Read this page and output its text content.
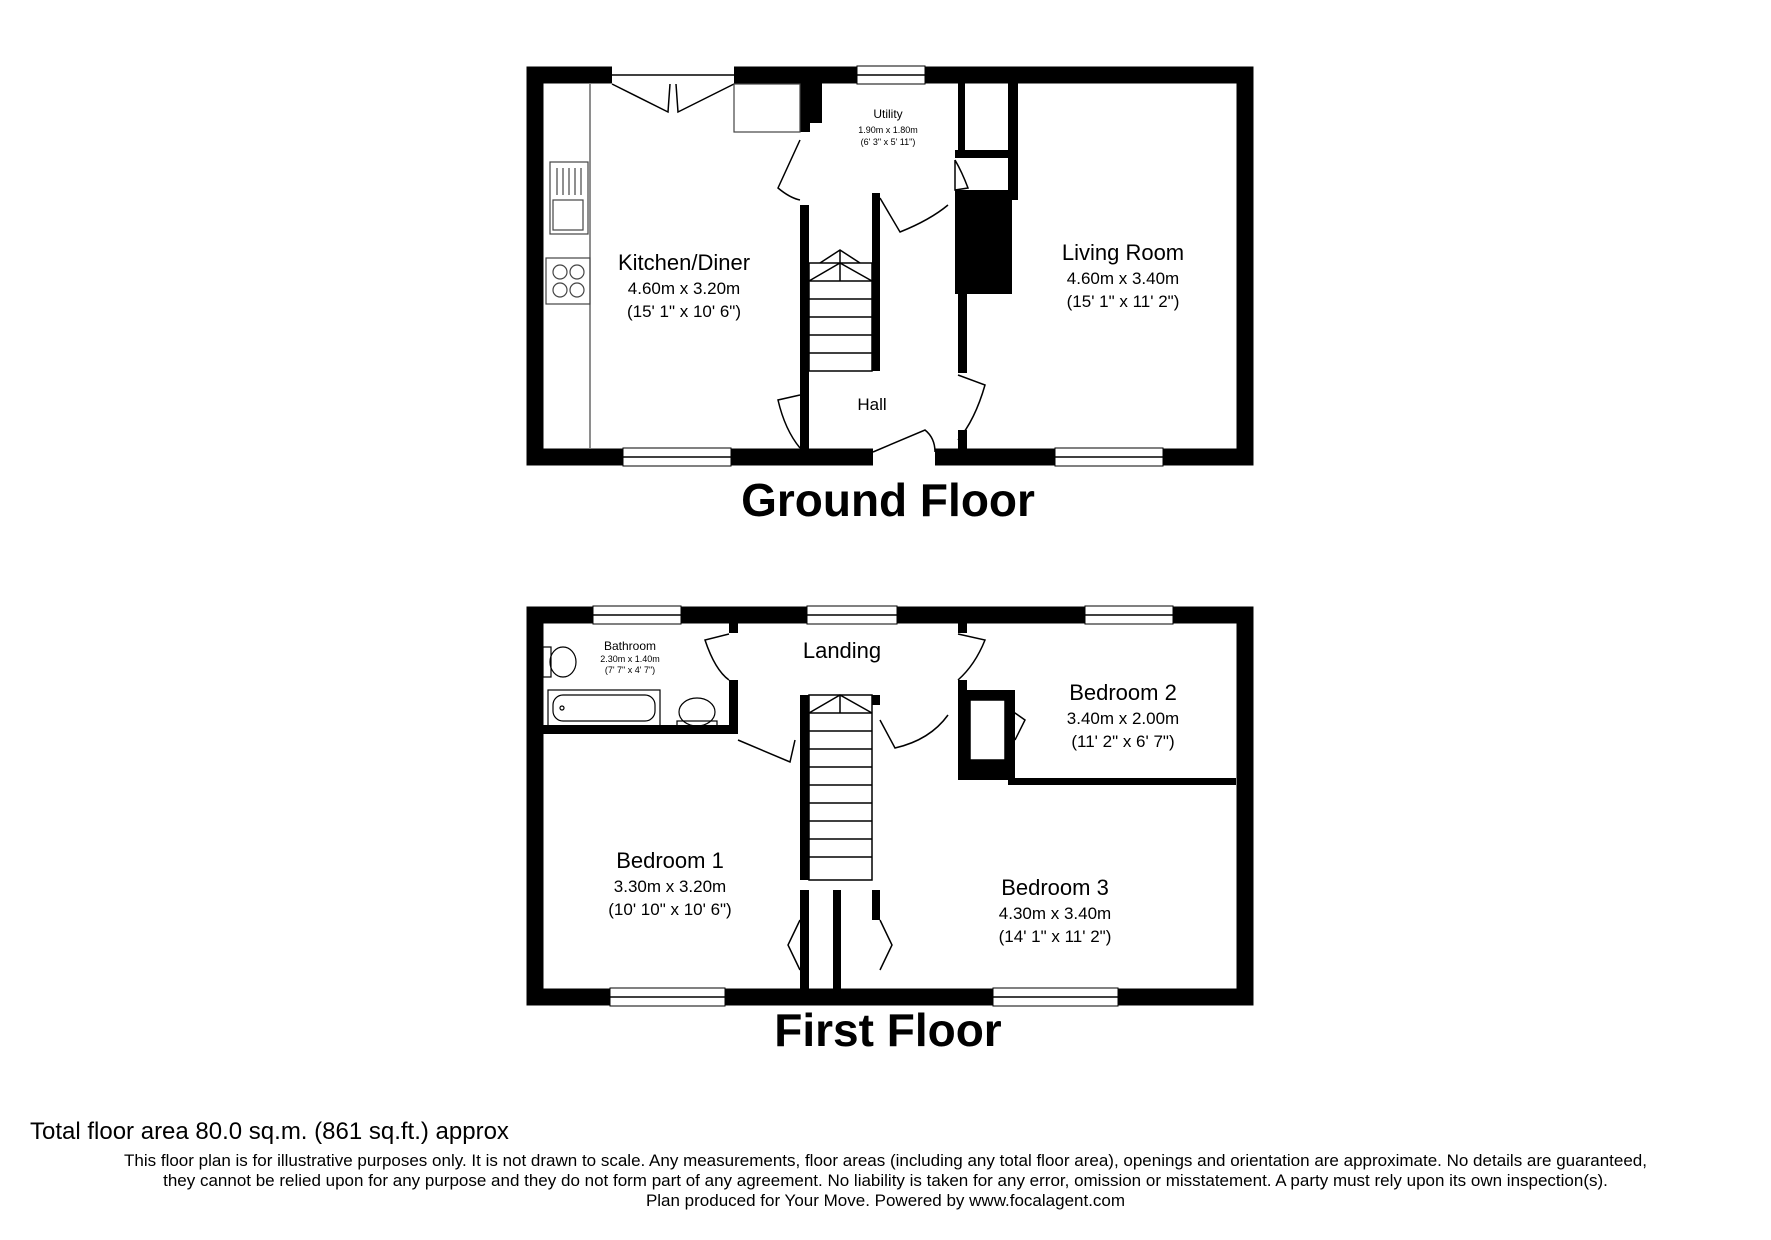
Kitchen/Diner
4.60m x 3.20m
(15' 1" x 10' 6")
Utility
1.90m x 1.80m
(6' 3" x 5' 11")
Living Room
4.60m x 3.40m
(15' 1" x 11' 2")
Hall
Ground Floor
Bathroom
2.30m x 1.40m
(7' 7" x 4' 7")
Landing
Bedroom 2
3.40m x 2.00m
(11' 2" x 6' 7")
Bedroom 1
3.30m x 3.20m
(10' 10" x 10' 6")
Bedroom 3
4.30m x 3.40m
(14' 1" x 11' 2")
First Floor
Total floor area 80.0 sq.m. (861 sq.ft.) approx
This floor plan is for illustrative purposes only. It is not drawn to scale. Any measurements, floor areas (including any total floor area), openings and orientation are approximate. No details are guaranteed,
they cannot be relied upon for any purpose and they do not form part of any agreement. No liability is taken for any error, omission or misstatement. A party must rely upon its own inspection(s).
Plan produced for Your Move. Powered by www.focalagent.com
